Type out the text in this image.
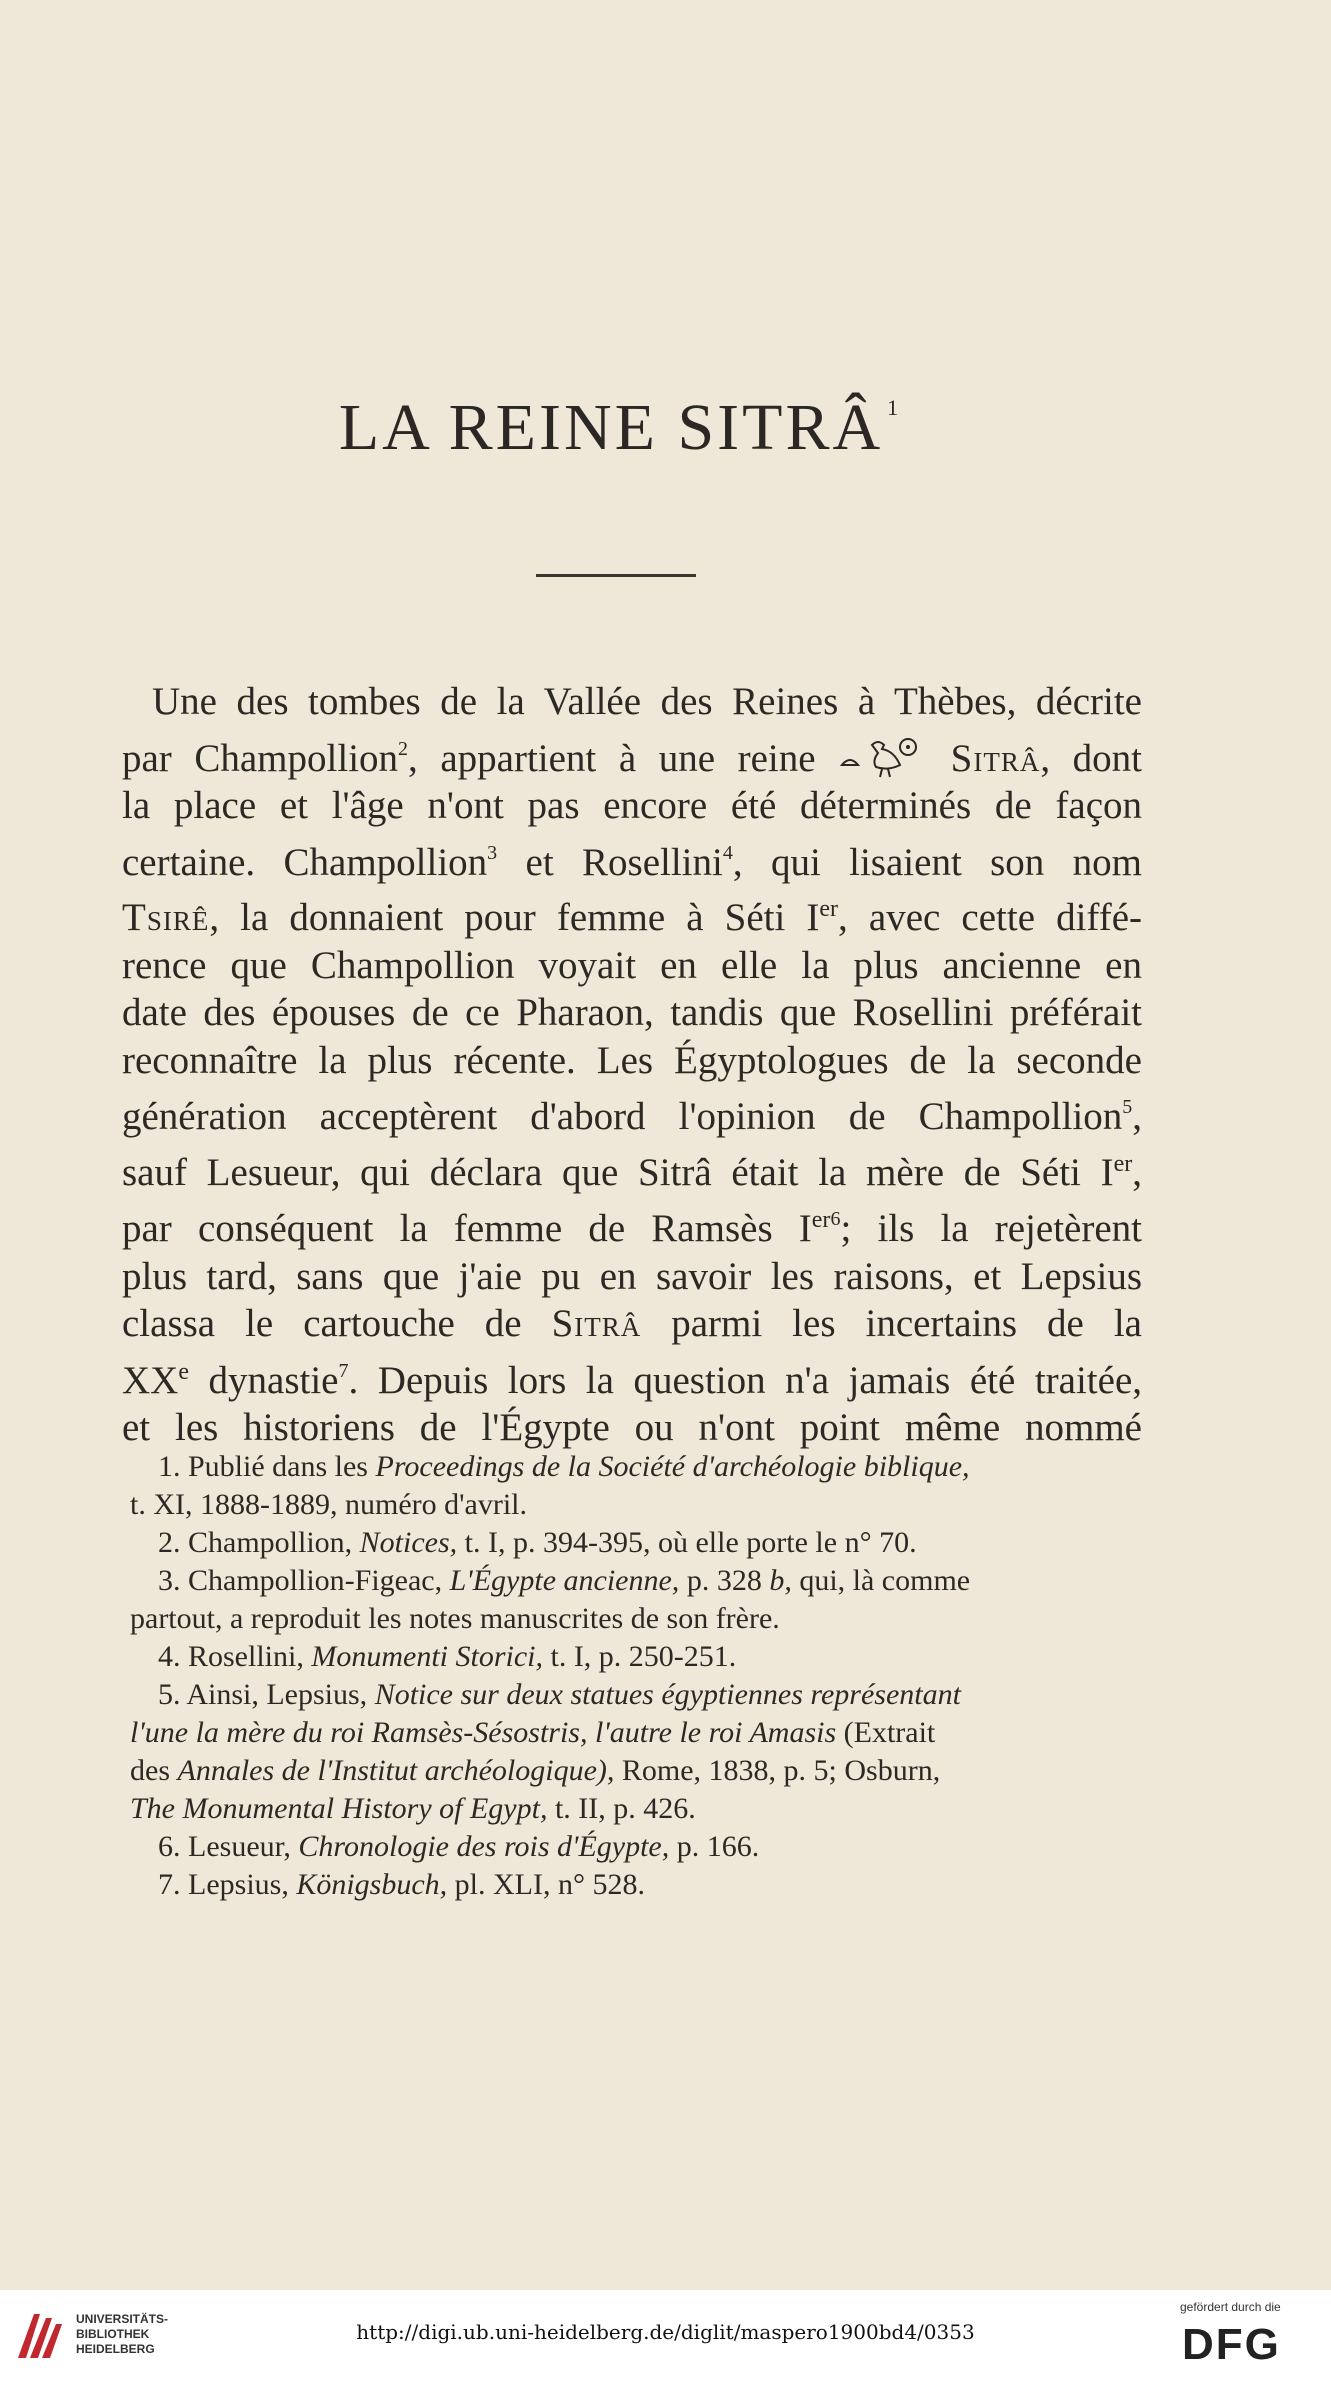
LA REINE SITRÂ $^1$
Une des tombes de la Vallée des Reines à Thèbes, décrite
par Champollion$^2$, appartient à une reine	Sitrâ, dont
la place et l'âge n'ont pas encore été déterminés de façon
certaine. Champollion$^3$ et Rosellini$^4$, qui lisaient son nom
Tsirê, la donnaient pour femme à Séti Ier, avec cette diffé-
rence que Champollion voyait en elle la plus ancienne en
date des épouses de ce Pharaon, tandis que Rosellini préférait
reconnaître la plus récente. Les Égyptologues de la seconde
génération acceptèrent d'abord l'opinion de Champollion$^5$,
sauf Lesueur, qui déclara que Sitrâ était la mère de Séti Ier,
par conséquent la femme de Ramsès I$^{er6}$; ils la rejetèrent
plus tard, sans que j'aie pu en savoir les raisons, et Lepsius
classa le cartouche de Sitrâ parmi les incertains de la
XXe dynastie$^7$. Depuis lors la question n'a jamais été traitée,
et les historiens de l'Égypte ou n'ont point même nommé
1. Publié dans les Proceedings de la Société d'archéologie biblique,
t. XI, 1888-1889, numéro d'avril.
2. Champollion, Notices, t. I, p. 394-395, où elle porte le n° 70.
3. Champollion-Figeac, L'Égypte ancienne, p. 328 b, qui, là comme
partout, a reproduit les notes manuscrites de son frère.
4. Rosellini, Monumenti Storici, t. I, p. 250-251.
5. Ainsi, Lepsius, Notice sur deux statues égyptiennes représentant
l'une la mère du roi Ramsès-Sésostris, l'autre le roi Amasis (Extrait
des Annales de l'Institut archéologique), Rome, 1838, p. 5; Osburn,
The Monumental History of Egypt, t. II, p. 426.
6. Lesueur, Chronologie des rois d'Égypte, p. 166.
7. Lepsius, Königsbuch, pl. XLI, n° 528.
UNIVERSITÄTS-
BIBLIOTHEK
HEIDELBERG
http://digi.ub.uni-heidelberg.de/diglit/maspero1900bd4/0353
gefördert durch die
DFG
